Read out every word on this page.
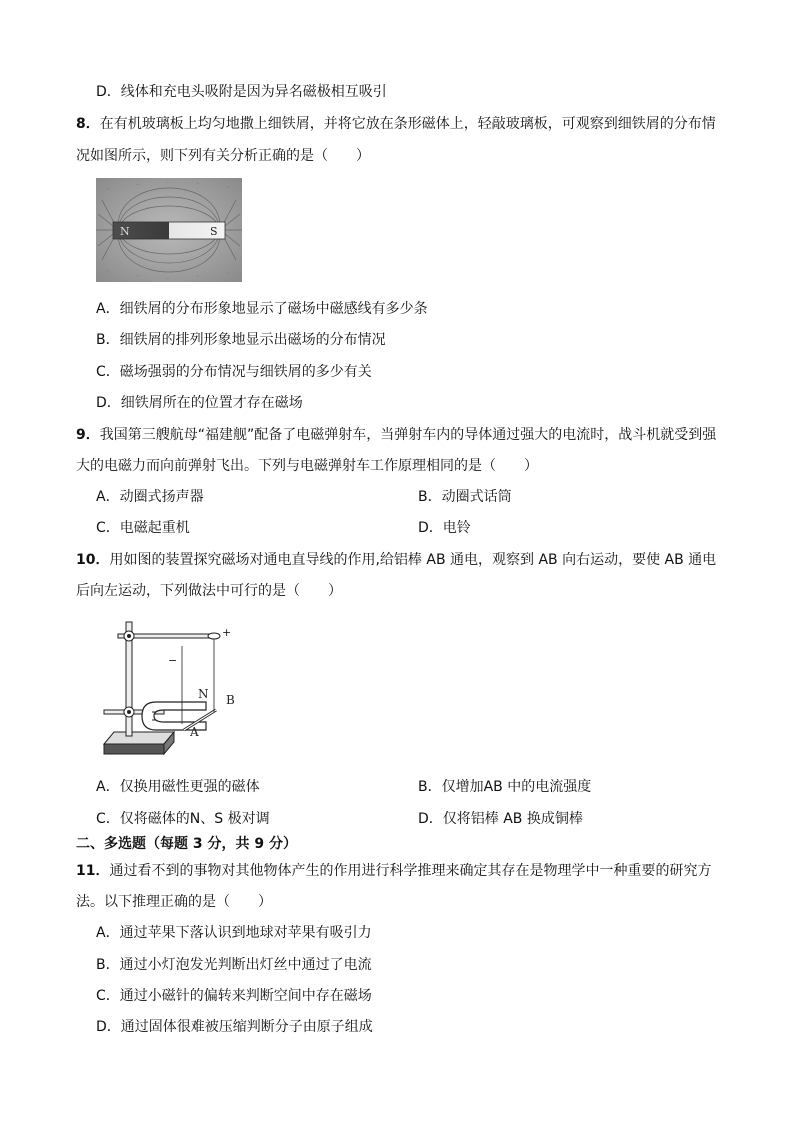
D．线体和充电头吸附是因为异名磁极相互吸引
8．在有机玻璃板上均匀地撒上细铁屑，并将它放在条形磁体上，轻敲玻璃板，可观察到细铁屑的分布情
况如图所示，则下列有关分析正确的是（　　）
N	S
A．细铁屑的分布形象地显示了磁场中磁感线有多少条
B．细铁屑的排列形象地显示出磁场的分布情况
C．磁场强弱的分布情况与细铁屑的多少有关
D．细铁屑所在的位置才存在磁场
9．我国第三艘航母“福建舰”配备了电磁弹射车，当弹射车内的导体通过强大的电流时，战斗机就受到强
大的电磁力而向前弹射飞出。下列与电磁弹射车工作原理相同的是（　　）
A．动圈式扬声器	B．动圈式话筒
C．电磁起重机	D．电铃
10．用如图的装置探究磁场对通电直导线的作用,给铝棒 AB 通电，观察到 AB 向右运动，要使 AB 通电
后向左运动，下列做法中可行的是（　　）
+
−
N B
A
A．仅换用磁性更强的磁体	B．仅增加AB 中的电流强度
C．仅将磁体的N、S 极对调	D．仅将铝棒 AB 换成铜棒
二、多选题（每题 3 分，共 9 分）
11．通过看不到的事物对其他物体产生的作用进行科学推理来确定其存在是物理学中一种重要的研究方
法。以下推理正确的是（　　）
A．通过苹果下落认识到地球对苹果有吸引力
B．通过小灯泡发光判断出灯丝中通过了电流
C．通过小磁针的偏转来判断空间中存在磁场
D．通过固体很难被压缩判断分子由原子组成
